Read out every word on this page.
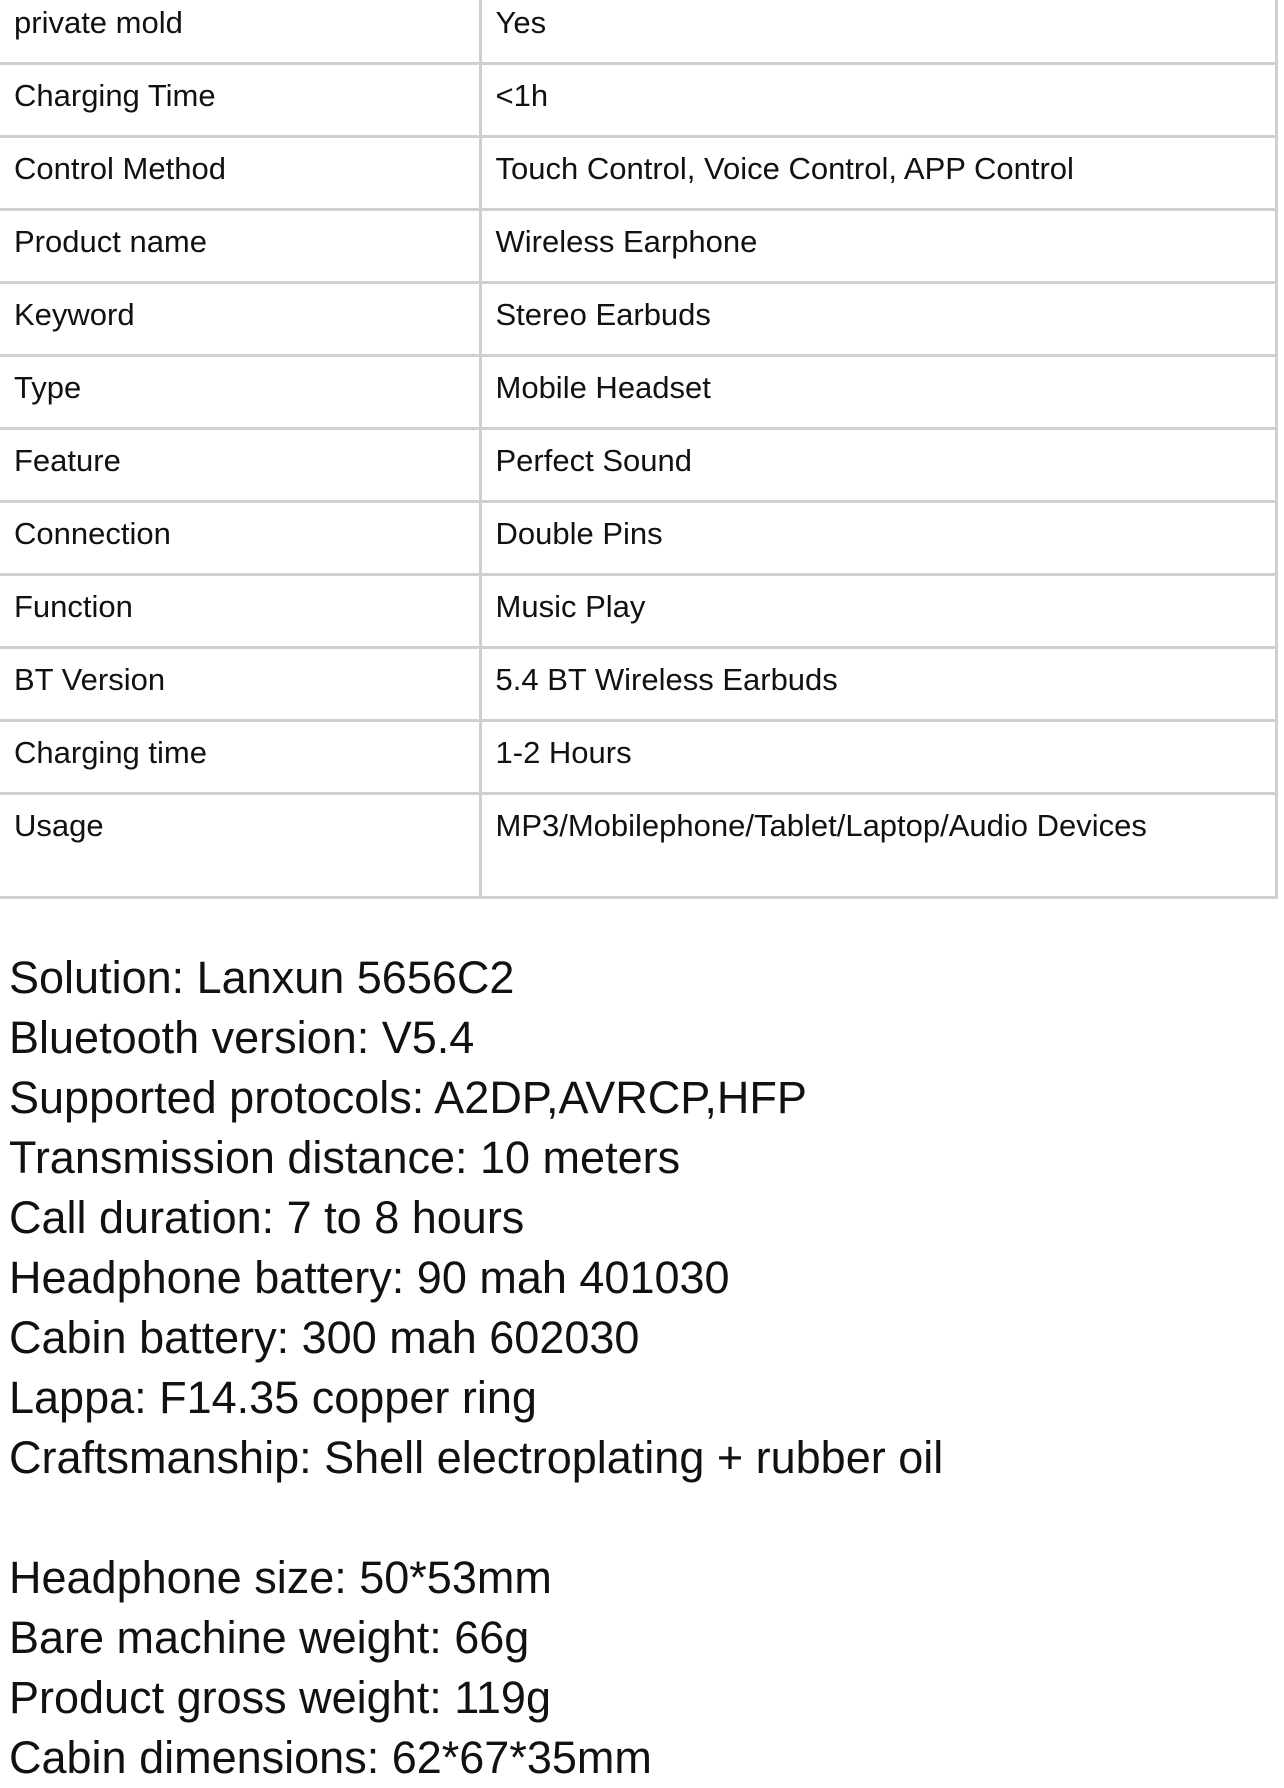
private mold	Yes
Charging Time	<1h
Control Method	Touch Control, Voice Control, APP Control
Product name	Wireless Earphone
Keyword	Stereo Earbuds
Type	Mobile Headset
Feature	Perfect Sound
Connection	Double Pins
Function	Music Play
BT Version	5.4 BT Wireless Earbuds
Charging time	1-2 Hours
Usage	MP3/Mobilephone/Tablet/Laptop/Audio Devices
Solution: Lanxun 5656C2
Bluetooth version: V5.4
Supported protocols: A2DP,AVRCP,HFP
Transmission distance: 10 meters
Call duration: 7 to 8 hours
Headphone battery: 90 mah 401030
Cabin battery: 300 mah 602030
Lappa: F14.35 copper ring
Craftsmanship: Shell electroplating + rubber oil
Headphone size: 50*53mm
Bare machine weight: 66g
Product gross weight: 119g
Cabin dimensions: 62*67*35mm
